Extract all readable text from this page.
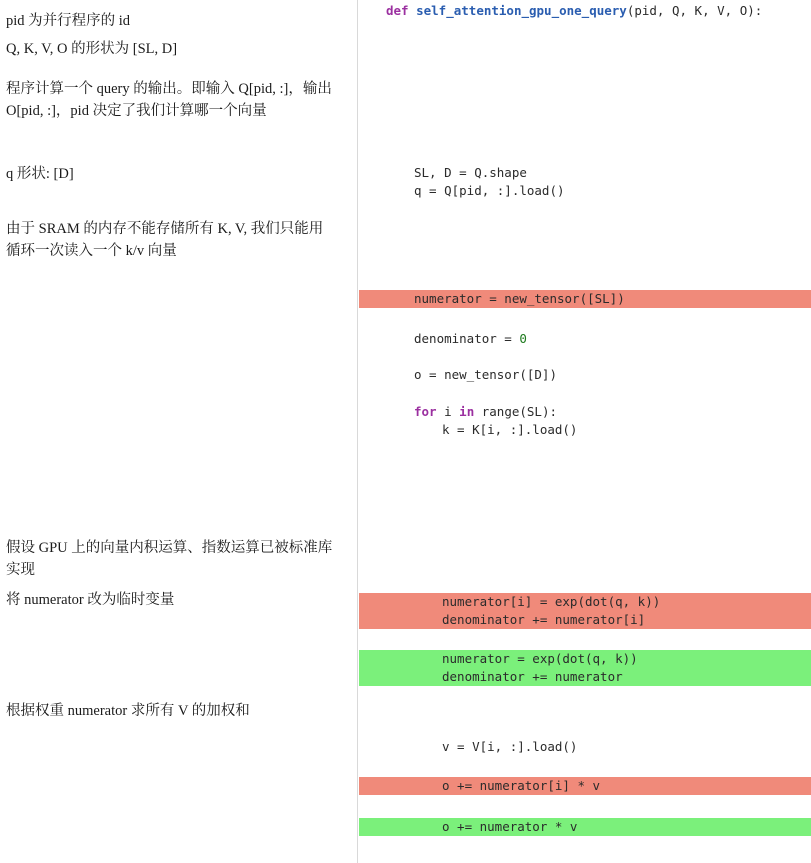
pid 为并行程序的 id
Q, K, V, O 的形状为 [SL, D]
程序计算一个 query 的输出。即输入 Q[pid, :]，输出 O[pid, :]，pid 决定了我们计算哪一个向量
q 形状: [D]
由于 SRAM 的内存不能存储所有 K, V, 我们只能用循环一次读入一个 k/v 向量
假设 GPU 上的向量内积运算、指数运算已被标准库实现
将 numerator 改为临时变量
根据权重 numerator 求所有 V 的加权和
def self_attention_gpu_one_query(pid, Q, K, V, O):
SL, D = Q.shape
q = Q[pid, :].load()
numerator = new_tensor([SL])
denominator = 0
o = new_tensor([D])
for i in range(SL):
k = K[i, :].load()
numerator[i] = exp(dot(q, k))
denominator += numerator[i]
numerator = exp(dot(q, k))
denominator += numerator
v = V[i, :].load()
o += numerator[i] * v
o += numerator * v
